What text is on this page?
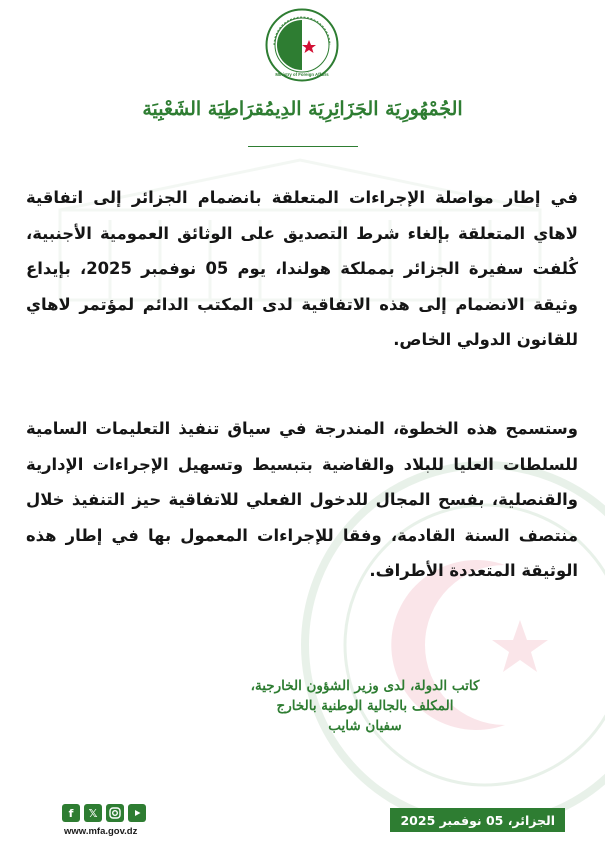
Ministry of Foreign Affairs
الجُمْهُورِيَة الجَزَائِرِيَة الدِيمُقرَاطِيَة الشَعْبِيَة

في إطار مواصلة الإجراءات المتعلقة بانضمام الجزائر إلى اتفاقية لاهاي المتعلقة بإلغاء شرط التصديق على الوثائق العمومية الأجنبية، كُلفت سفيرة الجزائر بمملكة هولندا، يوم 05 نوفمبر 2025، بإيداع وثيقة الانضمام إلى هذه الاتفاقية لدى المكتب الدائم لمؤتمر لاهاي للقانون الدولي الخاص.

وستسمح هذه الخطوة، المندرجة في سياق تنفيذ التعليمات السامية للسلطات العليا للبلاد والقاضية بتبسيط وتسهيل الإجراءات الإدارية والقنصلية، بفسح المجال للدخول الفعلي للاتفاقية حيز التنفيذ خلال منتصف السنة القادمة، وفقا للإجراءات المعمول بها في إطار هذه الوثيقة المتعددة الأطراف.

كاتب الدولة، لدى وزير الشؤون الخارجية،
المكلف بالجالية الوطنية بالخارج
سفيان شايب
f	𝕏
www.mfa.gov.dz
الجزائر، 05 نوفمبر 2025
